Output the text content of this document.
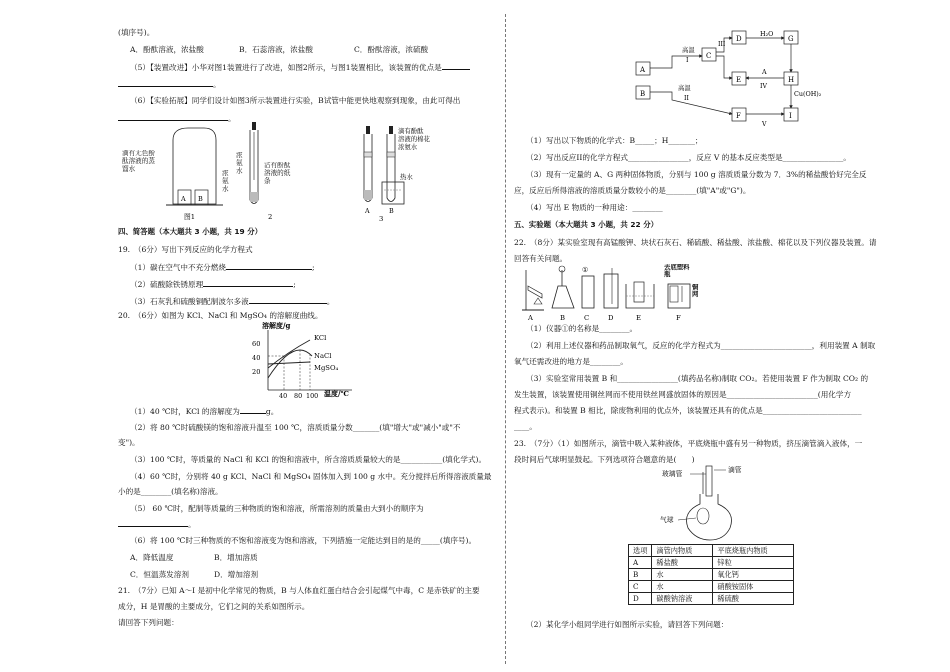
(填序号)。
A．酚酞溶液，浓盐酸	B．石蕊溶液，浓盐酸	C．酚酞溶液，浓硫酸
（5）【装置改进】小华对图1装置进行了改进，如图2所示，与图1装置相比，该装置的优点是
。
（6）【实验拓展】同学们设计如图3所示装置进行实验，B试管中能更快地观察到现象，由此可得出
。
A B
滴有无色酚酞溶液的蒸馏水
浓氨水
图1
浓氨水
沾有酚酞溶液的纸条
2
滴有酚酞
溶液的棉花
浓氨水
热水
A	B
3
四、简答题（本大题共 3 小题，共 19 分）
19.　（6分）写出下列反应的化学方程式
（1）碳在空气中不充分燃烧	;
（2）硫酸除铁锈原理	;
（3）石灰乳和硫酸铜配制波尔多液	。
20.　（6分）如图为 KCl、NaCl 和 MgSO₄ 的溶解度曲线。
溶解度/g
60
40
20
KCl
NaCl
MgSO₄
40 80 100 温度/℃
（1）40 ℃时，KCl 的溶解度为	g。
（2）将 80 ℃时硫酸镁的饱和溶液升温至 100 ℃，溶质质量分数_______(填"增大"或"减小"或"不
变")。
（3）100 ℃时，等质量的 NaCl 和 KCl 的饱和溶液中，所含溶质质量较大的是___________(填化学式)。
（4）60 ℃时，分别将 40 g KCl、NaCl 和 MgSO₄ 固体加入到 100 g 水中。充分搅拌后所得溶液质量最
小的是________(填名称)溶液。
（5） 60 ℃时，配制等质量的三种物质的饱和溶液，所需溶剂的质量由大到小的顺序为
。
（6）将 100 ℃时三种物质的不饱和溶液变为饱和溶液，下列措施一定能达到目的是的_____(填序号)。
A．降低温度	B．增加溶质
C．恒温蒸发溶剂	D．增加溶剂
21.　（7分）已知 A～I 是初中化学常见的物质，B 与人体血红蛋白结合会引起煤气中毒，C 是赤铁矿的主要
成分，H 是胃酸的主要成分，它们之间的关系如图所示。
请回答下列问题：
A
B
C
D
E
F
G
H
I
高温
I
高温
II
III
H₂O
A
IV
Cu(OH)₂
V
（1）写出以下物质的化学式：B_____；H_______；
（2）写出反应II的化学方程式________________，反应 V 的基本反应类型是________________。
（3）现有一定量的 A、G 两种固体物质，分别与 100 g 溶质质量分数为 7．3%的稀盐酸恰好完全反
应，反应后所得溶液的溶质质量分数较小的是________(填"A"或"G")。
（4）写出 E 物质的一种用途：________
五、实验题（本大题共 3 小题，共 22 分）
22.　（8分）某实验室现有高锰酸钾、块状石灰石、稀硫酸、稀盐酸、浓盐酸、棉花以及下列仪器及装置。请
回答有关问题。
A	B
①
C	D	E
去底塑料瓶
铜网
F
（1）仪器①的名称是________。
（2）利用上述仪器和药品制取氧气，反应的化学方程式为________________________，利用装置 A 制取
氧气还需改进的地方是________。
（3）实验室常用装置 B 和________________(填药品名称)制取 CO₂。若使用装置 F 作为制取 CO₂ 的
发生装置，该装置使用铜丝网而不使用铁丝网盛放固体的原因是________________________(用化学方
程式表示)。和装置 B 相比，除废物利用的优点外，该装置还具有的优点是__________________________
____。
23.　（7分）（1）如图所示，滴管中吸入某种液体，平底烧瓶中盛有另一种物质，挤压滴管滴入液体，一
段时间后气球明显鼓起。下列选项符合题意的是(　　)
玻璃管	滴管
气球
选项	滴管内物质	平底烧瓶内物质
A	稀盐酸	锌粒
B	水	氧化钙
C	水	硝酸铵固体
D	碳酸钠溶液	稀硫酸
（2）某化学小组同学进行如图所示实验，请回答下列问题：
